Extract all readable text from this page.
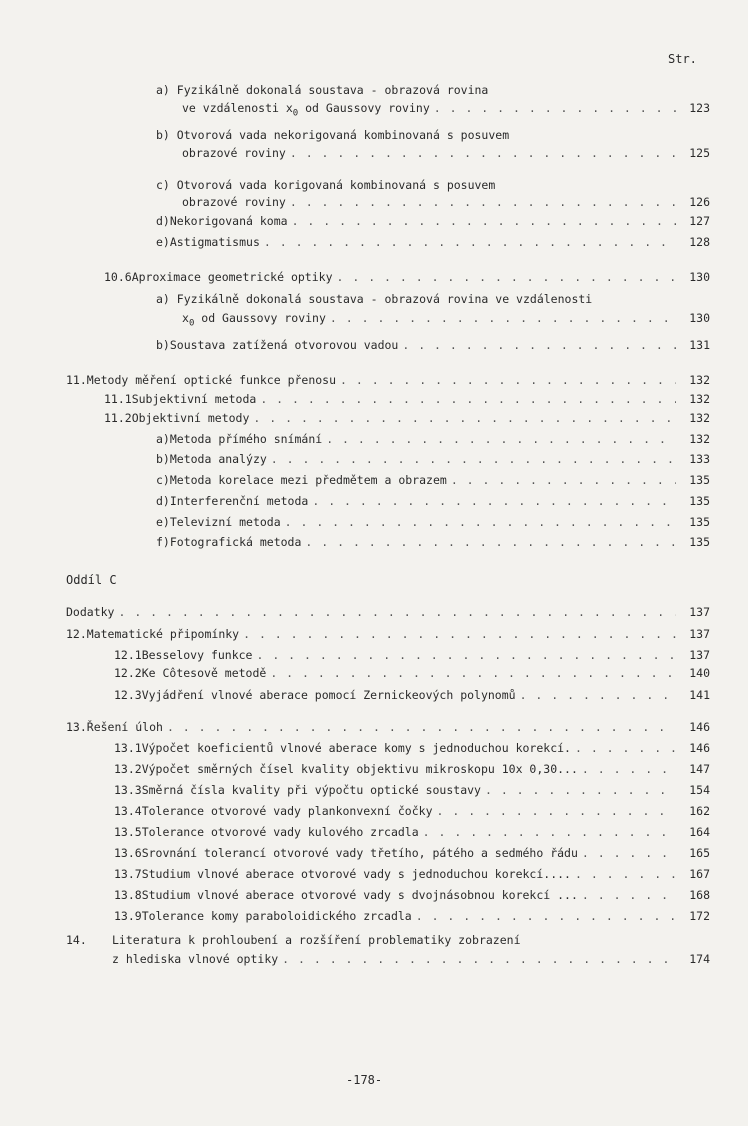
Str.
a) Fyzikálně dokonalá soustava - obrazová rovina
ve vzdálenosti $x_0$ od Gaussovy roviny . . .	123
b) Otvorová vada nekorigovaná kombinovaná s posuvem
obrazové roviny . . .	125
c) Otvorová vada korigovaná kombinovaná s posuvem
obrazové roviny . . .	126
d) Nekorigovaná koma . . .	127
e) Astigmatismus . . .	128
10.6 Aproximace geometrické optiky . . .	130
a) Fyzikálně dokonalá soustava - obrazová rovina ve vzdálenosti
$x_0$ od Gaussovy roviny . . .	130
b) Soustava zatížená otvorovou vadou . . .	131
11. Metody měření optické funkce přenosu . . .	132
11.1 Subjektivní metoda . . .	132
11.2 Objektivní metody . . .	132
a) Metoda přímého snímání . . .	132
b) Metoda analýzy . . .	133
c) Metoda korelace mezi předmětem a obrazem . . .	135
d) Interferenční metoda . . .	135
e) Televizní metoda . . .	135
f) Fotografická metoda . . .	135
Oddíl C
Dodatky . . .	137
12. Matematické připomínky . . .	137
12.1 Besselovy funkce . . .	137
12.2 Ke Côtesově metodě . . .	140
12.3 Vyjádření vlnové aberace pomocí Zernickeových polynomů . . .	141
13. Řešení úloh . . .	146
13.1 Výpočet koeficientů vlnové aberace komy s jednoduchou korekcí. . . .	146
13.2 Výpočet směrných čísel kvality objektivu mikroskopu 10x 0,30... . . .	147
13.3 Směrná čísla kvality při výpočtu optické soustavy . . .	154
13.4 Tolerance otvorové vady plankonvexní čočky . . .	162
13.5 Tolerance otvorové vady kulového zrcadla . . .	164
13.6 Srovnání tolerancí otvorové vady třetího, pátého a sedmého řádu . . .	165
13.7 Studium vlnové aberace otvorové vady s jednoduchou korekcí.... . . .	167
13.8 Studium vlnové aberace otvorové vady s dvojnásobnou korekcí ... . . .	168
13.9 Tolerance komy paraboloidického zrcadla . . .	172
14. Literatura k prohloubení a rozšíření problematiky zobrazení
z hlediska vlnové optiky . . .	174
-178-
